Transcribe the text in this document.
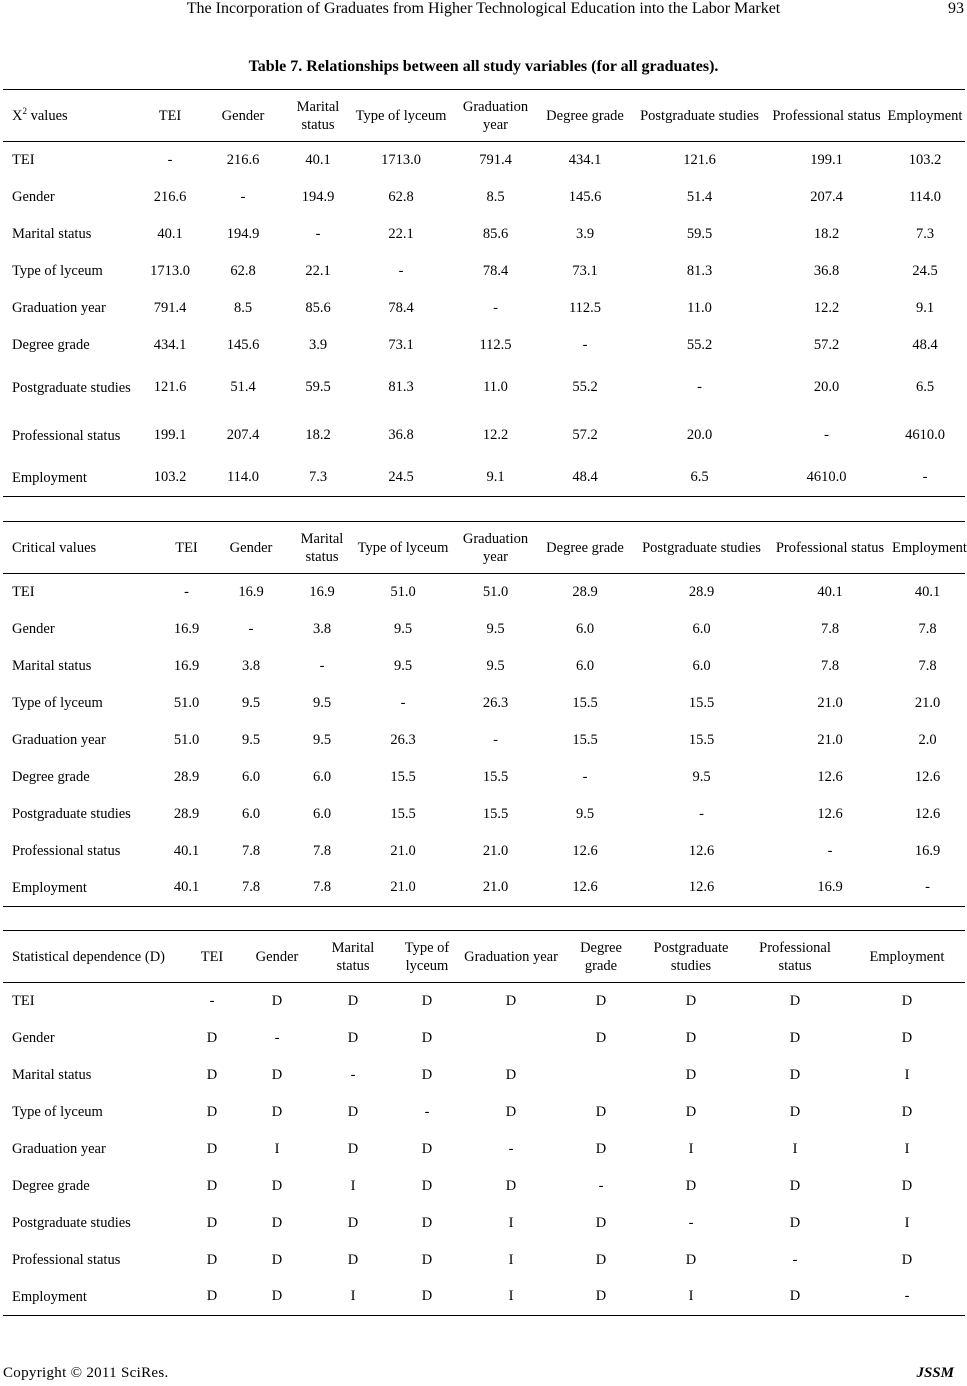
The Incorporation of Graduates from Higher Technological Education into the Labor Market	93
Table 7. Relationships between all study variables (for all graduates).
$X^2$ values	TEI	Gender	Marital status	Type of lyceum	Graduation year	Degree grade	Postgraduate studies	Professional status	Employment
TEI	-	216.6	40.1	1713.0	791.4	434.1	121.6	199.1	103.2
Gender	216.6	-	194.9	62.8	8.5	145.6	51.4	207.4	114.0
Marital status	40.1	194.9	-	22.1	85.6	3.9	59.5	18.2	7.3
Type of lyceum	1713.0	62.8	22.1	-	78.4	73.1	81.3	36.8	24.5
Graduation year	791.4	8.5	85.6	78.4	-	112.5	11.0	12.2	9.1
Degree grade	434.1	145.6	3.9	73.1	112.5	-	55.2	57.2	48.4
Postgraduate studies	121.6	51.4	59.5	81.3	11.0	55.2	-	20.0	6.5
Professional status	199.1	207.4	18.2	36.8	12.2	57.2	20.0	-	4610.0
Employment	103.2	114.0	7.3	24.5	9.1	48.4	6.5	4610.0	-
Critical values	TEI	Gender	Marital status	Type of lyceum	Graduation year	Degree grade	Postgraduate studies	Professional status	Employment
TEI	-	16.9	16.9	51.0	51.0	28.9	28.9	40.1	40.1
Gender	16.9	-	3.8	9.5	9.5	6.0	6.0	7.8	7.8
Marital status	16.9	3.8	-	9.5	9.5	6.0	6.0	7.8	7.8
Type of lyceum	51.0	9.5	9.5	-	26.3	15.5	15.5	21.0	21.0
Graduation year	51.0	9.5	9.5	26.3	-	15.5	15.5	21.0	2.0
Degree grade	28.9	6.0	6.0	15.5	15.5	-	9.5	12.6	12.6
Postgraduate studies	28.9	6.0	6.0	15.5	15.5	9.5	-	12.6	12.6
Professional status	40.1	7.8	7.8	21.0	21.0	12.6	12.6	-	16.9
Employment	40.1	7.8	7.8	21.0	21.0	12.6	12.6	16.9	-
Statistical dependence (D)	TEI	Gender	Marital status	Type of lyceum	Graduation year	Degree grade	Postgraduate studies	Professional status	Employment
TEI	-	D	D	D	D	D	D	D	D
Gender	D	-	D	D		D	D	D	D
Marital status	D	D	-	D	D		D	D	I
Type of lyceum	D	D	D	-	D	D	D	D	D
Graduation year	D	I	D	D	-	D	I	I	I
Degree grade	D	D	I	D	D	-	D	D	D
Postgraduate studies	D	D	D	D	I	D	-	D	I
Professional status	D	D	D	D	I	D	D	-	D
Employment	D	D	I	D	I	D	I	D	-
Copyright © 2011 SciRes.	JSSM
